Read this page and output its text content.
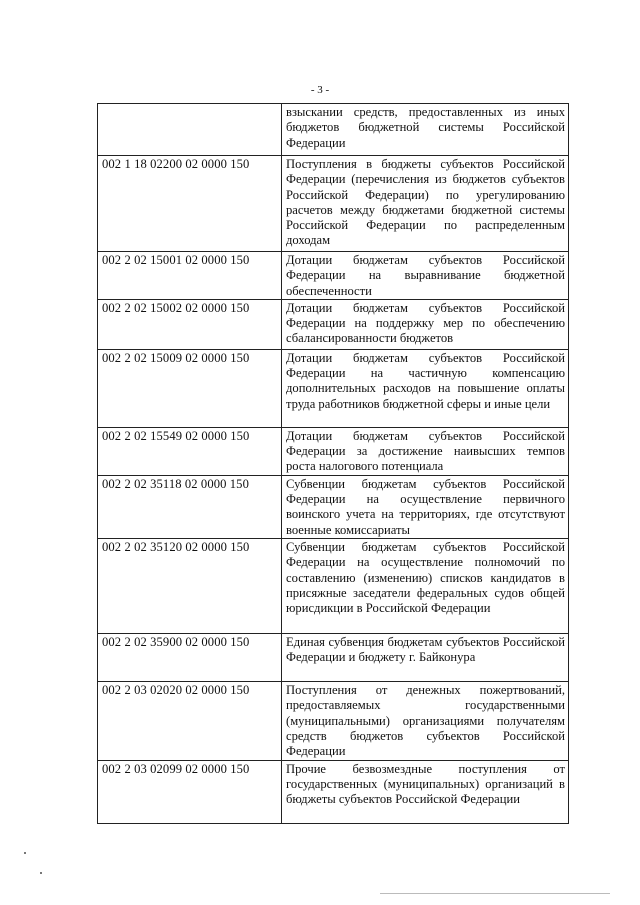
- 3 -
	взыскании средств, предоставленных из иных бюджетов бюджетной системы Российской Федерации
002 1 18 02200 02 0000 150	Поступления в бюджеты субъектов Российской Федерации (перечисления из бюджетов субъектов Российской Федерации) по урегулированию расчетов между бюджетами бюджетной системы Российской Федерации по распределенным доходам
002 2 02 15001 02 0000 150	Дотации бюджетам субъектов Российской Федерации на выравнивание бюджетной обеспеченности
002 2 02 15002 02 0000 150	Дотации бюджетам субъектов Российской Федерации на поддержку мер по обеспечению сбалансированности бюджетов
002 2 02 15009 02 0000 150	Дотации бюджетам субъектов Российской Федерации на частичную компенсацию дополнительных расходов на повышение оплаты труда работников бюджетной сферы и иные цели
002 2 02 15549 02 0000 150	Дотации бюджетам субъектов Российской Федерации за достижение наивысших темпов роста налогового потенциала
002 2 02 35118 02 0000 150	Субвенции бюджетам субъектов Российской Федерации на осуществление первичного воинского учета на территориях, где отсутствуют военные комиссариаты
002 2 02 35120 02 0000 150	Субвенции бюджетам субъектов Российской Федерации на осуществление полномочий по составлению (изменению) списков кандидатов в присяжные заседатели федеральных судов общей юрисдикции в Российской Федерации
002 2 02 35900 02 0000 150	Единая субвенция бюджетам субъектов Российской Федерации и бюджету г. Байконура
002 2 03 02020 02 0000 150	Поступления от денежных пожертвований, предоставляемых государственными (муниципальными) организациями получателям средств бюджетов субъектов Российской Федерации
002 2 03 02099 02 0000 150	Прочие безвозмездные поступления от государственных (муниципальных) организаций в бюджеты субъектов Российской Федерации
